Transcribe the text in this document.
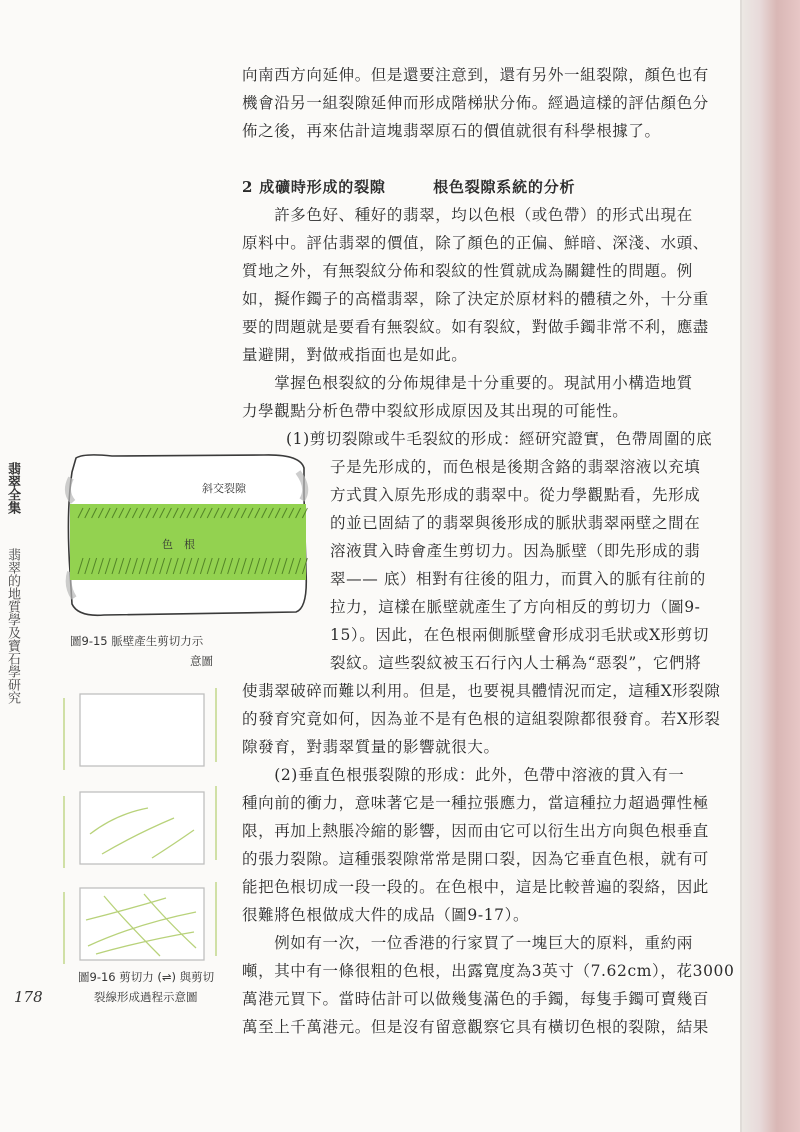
翡翠全集
翡翠的地質學及寶石學研究
向南西方向延伸。但是還要注意到，還有另外一組裂隙，顏色也有
機會沿另一組裂隙延伸而形成階梯狀分佈。經過這樣的評估顏色分
佈之後，再來估計這塊翡翠原石的價值就很有科學根據了。
2 成礦時形成的裂隙　　　	根色裂隙系統的分析
　　許多色好、種好的翡翠，均以色根（或色帶）的形式出現在
原料中。評估翡翠的價值，除了顏色的正偏、鮮暗、深淺、水頭、
質地之外，有無裂紋分佈和裂紋的性質就成為關鍵性的問題。例
如，擬作鐲子的高檔翡翠，除了決定於原材料的體積之外，十分重
要的問題就是要看有無裂紋。如有裂紋，對做手鐲非常不利，應盡
量避開，對做戒指面也是如此。
　　掌握色根裂紋的分佈規律是十分重要的。現試用小構造地質
力學觀點分析色帶中裂紋形成原因及其出現的可能性。
(1)剪切裂隙或牛毛裂紋的形成：經研究證實，色帶周圍的底
子是先形成的，而色根是後期含鉻的翡翠溶液以充填
方式貫入原先形成的翡翠中。從力學觀點看，先形成
的並已固結了的翡翠與後形成的脈狀翡翠兩壁之間在
溶液貫入時會產生剪切力。因為脈壁（即先形成的翡
翠—— 底）相對有往後的阻力，而貫入的脈有往前的
拉力，這樣在脈壁就產生了方向相反的剪切力（圖9-
15）。因此，在色根兩側脈壁會形成羽毛狀或X形剪切
裂紋。這些裂紋被玉石行內人士稱為“惡裂”，它們將
使翡翠破碎而難以利用。但是，也要視具體情況而定，這種X形裂隙
的發育究竟如何，因為並不是有色根的這組裂隙都很發育。若X形裂
隙發育，對翡翠質量的影響就很大。
　　(2)垂直色根張裂隙的形成：此外，色帶中溶液的貫入有一
種向前的衝力，意味著它是一種拉張應力，當這種拉力超過彈性極
限，再加上熱脹冷縮的影響，因而由它可以衍生出方向與色根垂直
的張力裂隙。這種張裂隙常常是開口裂，因為它垂直色根，就有可
能把色根切成一段一段的。在色根中，這是比較普遍的裂絡，因此
很難將色根做成大件的成品（圖9-17）。
　　例如有一次，一位香港的行家買了一塊巨大的原料，重約兩
噸，其中有一條很粗的色根，出露寬度為3英寸（7.62cm），花3000
萬港元買下。當時估計可以做幾隻滿色的手鐲，每隻手鐲可賣幾百
萬至上千萬港元。但是沒有留意觀察它具有橫切色根的裂隙，結果
斜交裂隙
色　根
圖9-15 脈壁產生剪切力示
意圖
圖9-16 剪切力 (⇌) 與剪切
裂線形成過程示意圖
178
